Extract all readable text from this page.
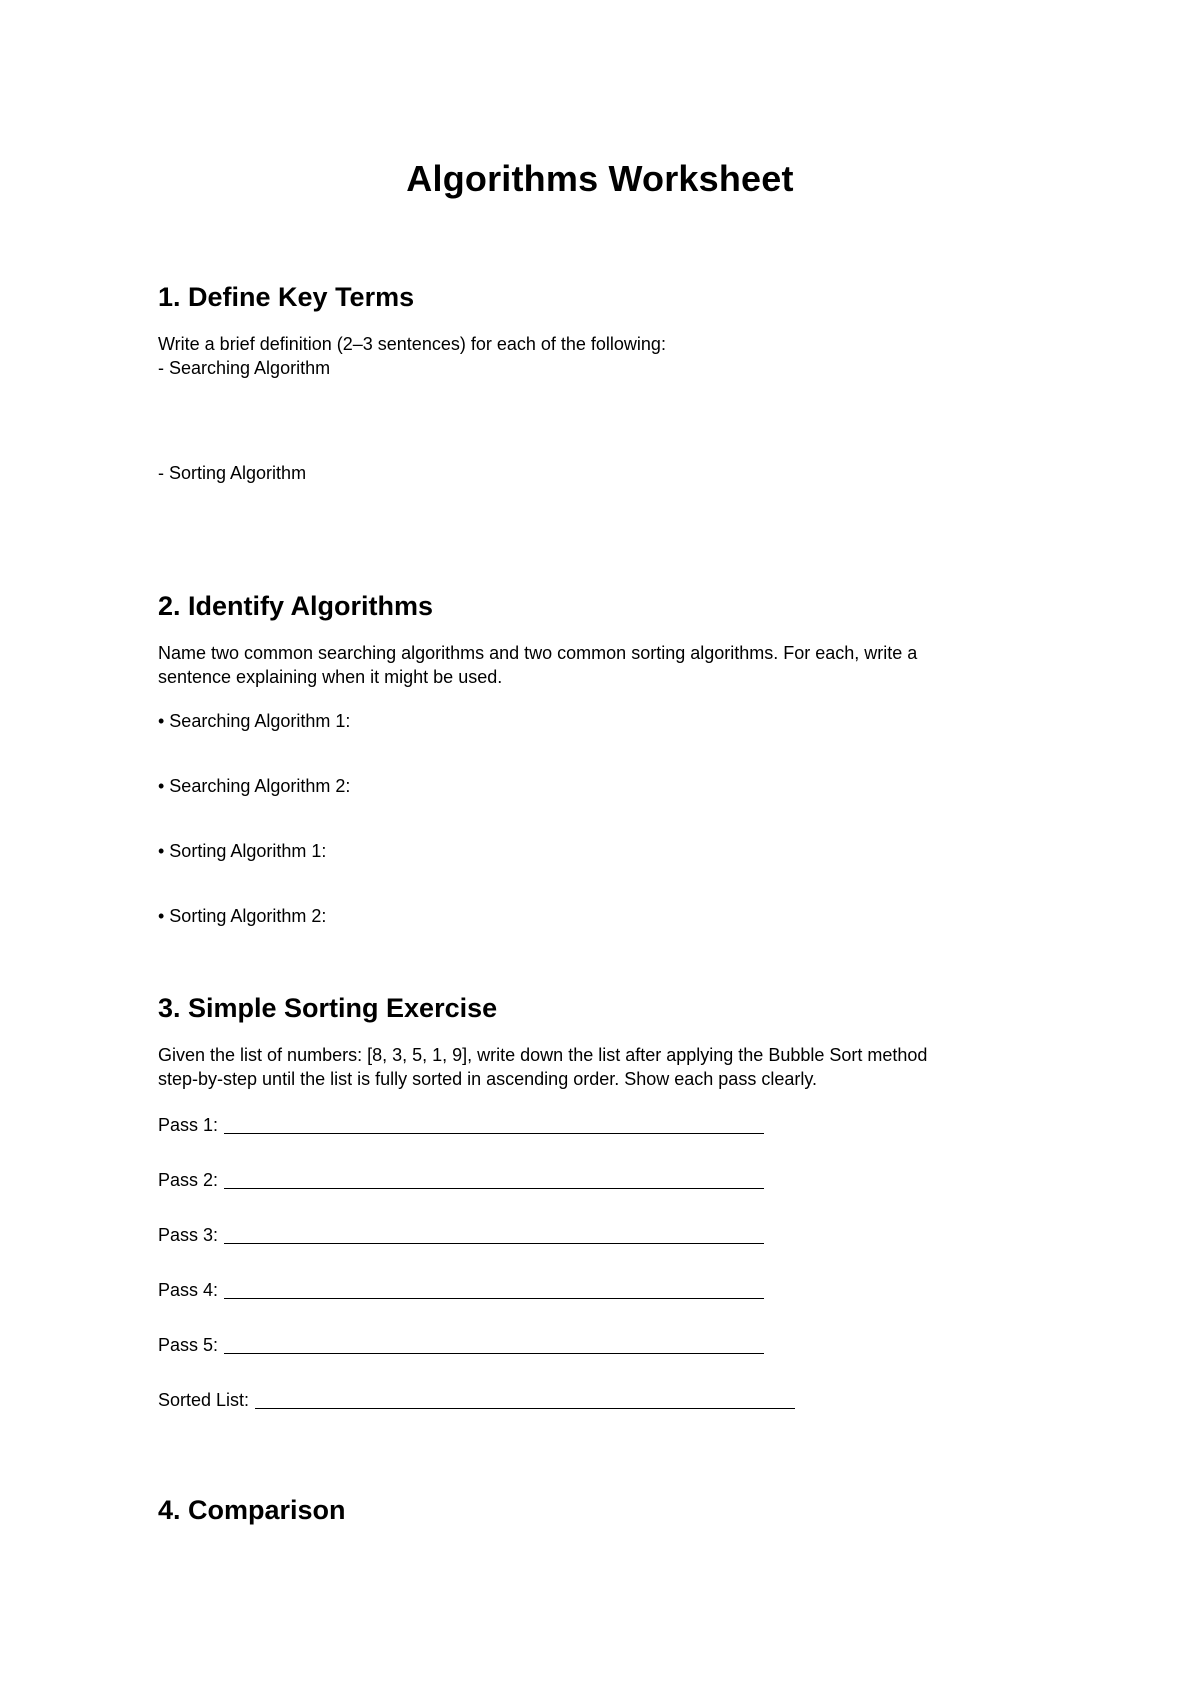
Algorithms Worksheet
1. Define Key Terms

Write a brief definition (2–3 sentences) for each of the following:

- Searching Algorithm

- Sorting Algorithm

2. Identify Algorithms

Name two common searching algorithms and two common sorting algorithms. For each, write a

sentence explaining when it might be used.

• Searching Algorithm 1:

• Searching Algorithm 2:

• Sorting Algorithm 1:

• Sorting Algorithm 2:

3. Simple Sorting Exercise

Given the list of numbers: [8, 3, 5, 1, 9], write down the list after applying the Bubble Sort method

step-by-step until the list is fully sorted in ascending order. Show each pass clearly.

Pass 1:
Pass 2:
Pass 3:
Pass 4:
Pass 5:
Sorted List:
4. Comparison
